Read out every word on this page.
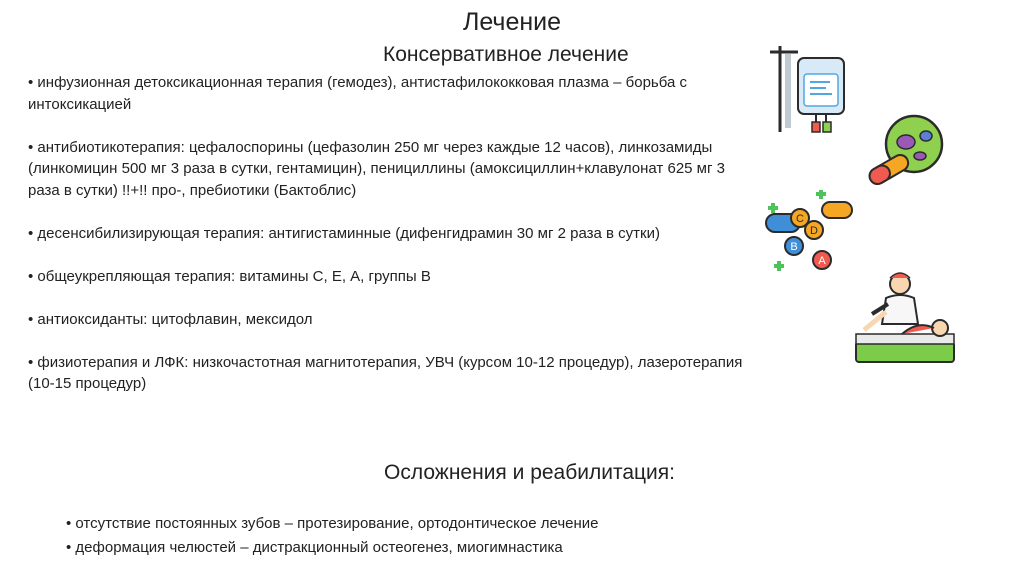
Лечение
Консервативное лечение

• инфузионная детоксикационная терапия (гемодез), антистафилококковая плазма – борьба с интоксикацией

• антибиотикотерапия: цефалоспорины (цефазолин 250 мг через каждые 12 часов), линкозамиды (линкомицин 500 мг 3 раза в сутки, гентамицин), пенициллины (амоксициллин+клавулонат 625 мг 3 раза в сутки) !!+!! про-, пребиотики (Бактоблис)

• десенсибилизирующая терапия: антигистаминные (дифенгидрамин 30 мг 2 раза в сутки)

• общеукрепляющая терапия: витамины С, Е, А, группы В

• антиоксиданты: цитофлавин, мексидол

• физиотерапия и ЛФК: низкочастотная магнитотерапия, УВЧ (курсом 10-12 процедур), лазеротерапия (10-15 процедур)

Осложнения и реабилитация:

• отсутствие постоянных зубов – протезирование, ортодонтическое лечение

• деформация челюстей – дистракционный остеогенез, миогимнастика

C
D
B
A
